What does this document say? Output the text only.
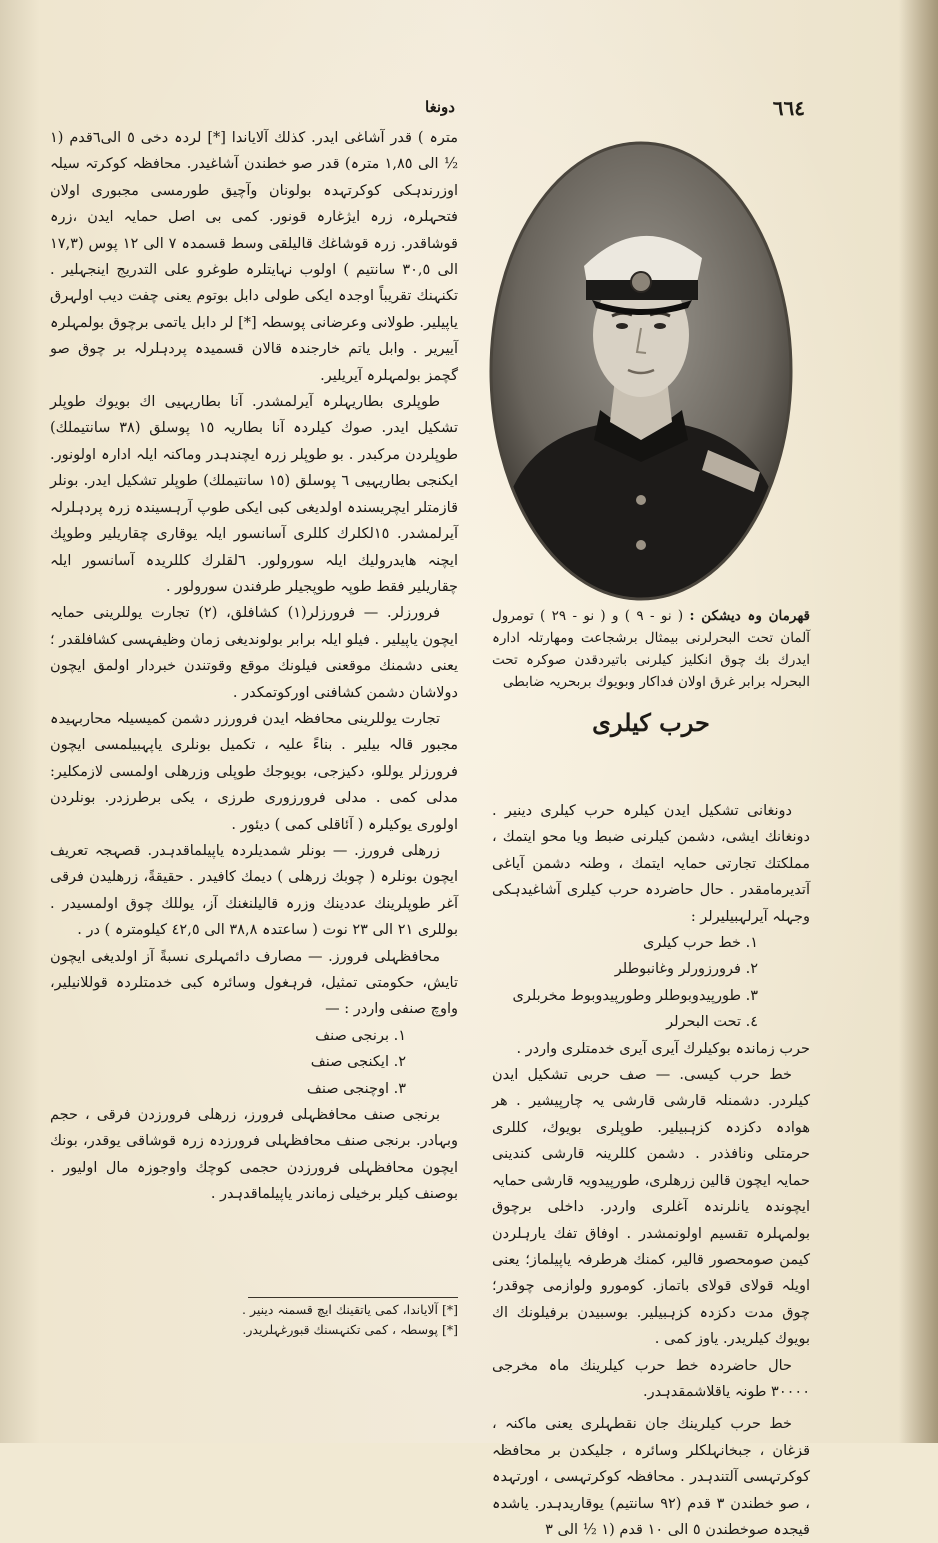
دونغا	٦٦٤

مترہ ) قدر آشاغی ایدر. کذلك آلایاندا [*] لردہ دخی ٥ الی٦قدم (١ ½ الی ١,٨٥ مترہ) قدر صو خطندن آشاغیدر. محافظہ کوکرتہ سیلہ اوزرندہکی کوکرتہدہ بولونان وآچیق طورمسی مجبوری اولان فتحہلرہ، زرہ ایژغارہ قونور. کمی بی اصل حمایہ ایدن ،زرہ قوشاقدر. زرہ قوشاغك قالیلقی وسط قسمدہ ٧ الی ١٢ پوس (١٧,٣ الی ٣٠,٥ سانتیم ) اولوب نہایتلرہ طوغرو علی التدریج اینجہلیر . تکنہنك تقریباً اوجدہ ایکی طولی دابل بوتوم یعنی چفت دیب اولہرق یاپیلیر. طولانی وعرضانی پوسطہ [*] لر دابل یاتمی برچوق بولمہلرہ آییریر . وابل یاتم خارجندہ قالان قسمیدہ پردہلرلہ بر چوق صو گچمز بولمہلرہ آیریلیر.

طوپلری بطاریہلرہ آیرلمشدر. آنا بطاریہیی اك بویوك طوپلر تشکیل ایدر. صوك کیلردہ آنا بطاریہ ١٥ پوسلق (٣٨ سانتیملك) طوپلردن مرکبدر . بو طوپلر زرہ ایچندہدر وماکنہ ایلہ ادارہ اولونور. ایکنجی بطاریہیی ٦ پوسلق (١٥ سانتیملك) طوپلر تشکیل ایدر. بونلر قازمتلر ایچریسندہ اولدیغی کبی ایکی طوپ آرہسیندہ زرہ پردہلرلہ آیرلمشدر. ١٥لکلرك کللری آسانسور ایلہ یوقاری چقاریلیر وطوپك ایچنہ هایدرولیك ایلہ سورولور. ٦لقلرك کللریدہ آسانسور ایلہ چقاریلیر فقط طوپہ طوپجیلر طرفندن سورولور .

فرورزلر. — فرورزلر(١) کشافلق، (٢) تجارت یوللرینی حمایہ ایچون یاپیلیر . فیلو ایلہ برابر بولوندیغی زمان وظیفہسی کشافلقدر ؛ یعنی دشمنك موقعنی فیلونك موقع وقوتندن خبردار اولمق ایچون دولاشان دشمن کشافنی اورکوتمکدر .

تجارت یوللرینی محافظہ ایدن فرورزر دشمن کمیسیلہ محاربہیدہ مجبور قالہ بیلیر . بناءً علیہ ، تکمیل بونلری یاپہبیلمسی ایچون فرورزلر یوللو، دکیزجی، بویوجك طوپلی وزرهلی اولمسی لازمکلیر: مدلی کمی . مدلی فرورزوری طرزی ، یکی برطرزدر. بونلردن اولوری یوکیلرہ ( آئاقلی کمی ) دیئور .

زرهلی فرورز. — بونلر شمدیلردہ یاپیلماقدہدر. قصہجہ تعریف ایچون بونلرہ ( چوبك زرهلی ) دیمك کافیدر . حقیقةً، زرهلیدن فرقی آغر طوپلرینك عددینك وزرہ قالیلنغنك آز، یوللك چوق اولمسیدر . بوللری ٢١ الی ٢٣ نوت ( ساعتدہ ٣٨,٨ الی ٤٢,٥ کیلومترہ ) در .

محافظہلی فرورز. — مصارف دائمہلری نسبةً آز اولدیغی ایچون تایش، حکومتی تمثیل، فرہغول وسائرہ کبی خدمتلردہ قوللانیلیر، واوچ صنفی واردر : —

١. برنجی صنف
٢. ایکنجی صنف
٣. اوچنجی صنف

برنجی صنف محافظہلی فرورز، زرهلی فرورزدن فرقی ، حجم وبہادر. برنجی صنف محافظہلی فرورزدہ زرہ قوشاقی یوقدر، بونك ایچون محافظہلی فرورزدن حجمی کوچك واوجوزہ مال اولیور . بوصنف کیلر برخیلی زماندر یاپیلماقدہدر .

[*] آلایاندا، کمی یاتقینك ایچ قسمنہ دینیر .
[*] پوسطہ ، کمی تکنہسنك قبورغہلریدر.
قهرمان وہ دیشکن : ( نو - ٩ ) و ( نو - ٢٩ ) تومرول آلمان تحت البحرلرنی بیمثال برشجاعت ومهارتلہ ادارہ ایدرك بك چوق انکلیز کیلرنی باتیردقدن صوکرہ تحت البحرلہ برابر غرق اولان فداکار وبویوك بربحریہ ضابطی
حرب کیلری

دونغانی تشکیل ایدن کیلرہ حرب کیلری دینیر . دونغانك ایشی، دشمن کیلرنی ضبط ویا محو ایتمك ، مملکتك تجارتی حمایہ ایتمك ، وطنہ دشمن آیاغی آتدیرمامقدر . حال حاضردہ حرب کیلری آشاغیدہکی وجہلہ آیرلہبیلیرلر :

١. خط حرب کیلری
٢. فرورزورلر وغانبوطلر
٣. طورپیدوبوطلر وطورپیدوبوط مخربلری
٤. تحت البحرلر

حرب زماندہ بوکیلرك آیری آیری خدمتلری واردر .

خط حرب کیسی. — صف حربی تشکیل ایدن کیلردر. دشمنلہ قارشی قارشی یہ چارپیشیر . هر هوادہ دکزدہ کزہبیلیر. طوپلری بویوك، کللری حرمتلی ونافذدر . دشمن کللرینہ قارشی کندینی حمایہ ایچون قالین زرهلری، طورپیدویہ قارشی حمایہ ایچوندہ یانلرندہ آغلری واردر. داخلی برچوق بولمہلرہ تقسیم اولونمشدر . اوفاق تفك یارہلردن کیمن صومحصور قالیر، کمنك هرطرفہ یاپیلماز؛ یعنی اویلہ قولای قولای باتماز. کومورو ولوازمی چوقدر؛ چوق مدت دکزدہ کزہبیلیر. بوسبیدن برفیلونك اك بویوك کیلریدر. یاوز کمی .

حال حاضردہ خط حرب کیلرینك ماہ مخرجی ٣٠٠٠٠ طونہ یاقلاشمقدہدر.

خط حرب کیلرینك جان نقطہلری یعنی ماکنہ ، قزغان ، جبخانہلکلر وسائرہ ، جلیکدن بر محافظہ کوکرتہسی آلتندہدر . محافظہ کوکرتہسی ، اورتہدہ ، صو خطندن ٣ قدم (٩٢ سانتیم) یوقاریدہدر. یاشدہ قیجدہ صوخطندن ٥ الی ١٠ قدم (١ ½ الی ٣
